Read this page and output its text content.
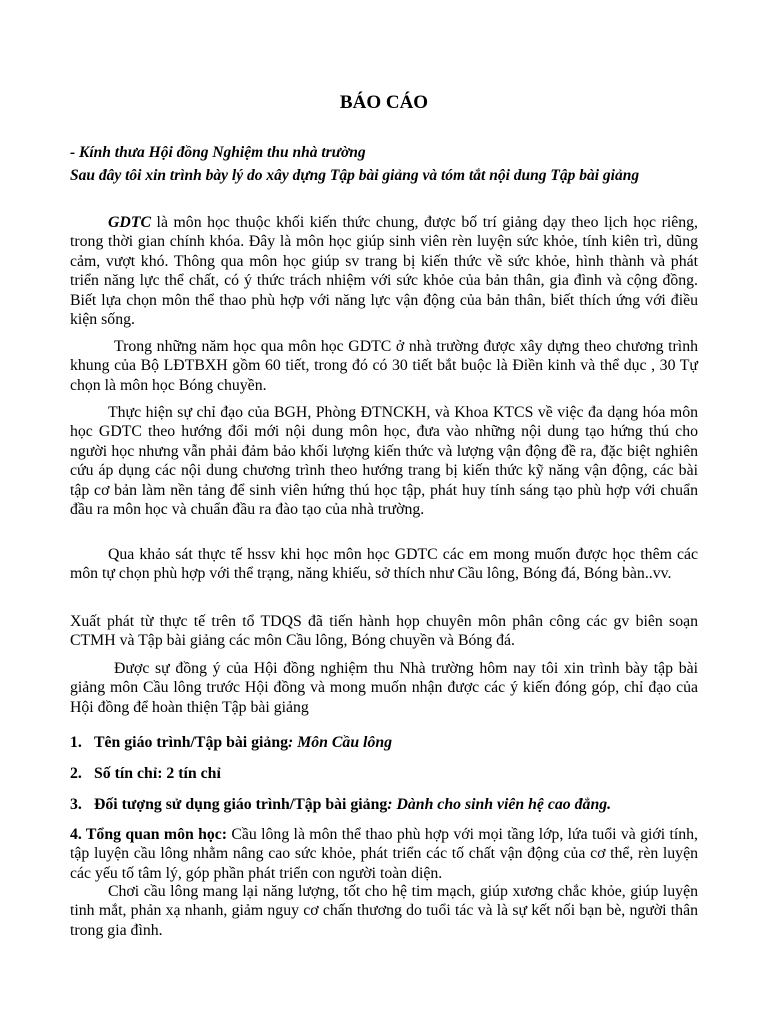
BÁO CÁO
- Kính thưa Hội đồng Nghiệm thu nhà trường
Sau đây tôi xin trình bày lý do xây dựng Tập bài giảng và tóm tắt nội dung Tập bài giảng

GDTC là môn học thuộc khối kiến thức chung, được bố trí giảng dạy theo lịch học riêng, trong thời gian chính khóa. Đây là môn học giúp sinh viên rèn luyện sức khỏe, tính kiên trì, dũng cảm, vượt khó. Thông qua môn học giúp sv trang bị kiến thức về sức khỏe, hình thành và phát triển năng lực thể chất, có ý thức trách nhiệm với sức khỏe của bản thân, gia đình và cộng đồng. Biết lựa chọn môn thể thao phù hợp với năng lực vận động của bản thân, biết thích ứng với điều kiện sống.

Trong những năm học qua môn học GDTC ở nhà trường được xây dựng theo chương trình khung của Bộ LĐTBXH gồm 60 tiết, trong đó có 30 tiết bắt buộc là Điền kinh và thể dục , 30 Tự chọn là môn học Bóng chuyền.

Thực hiện sự chỉ đạo của BGH, Phòng ĐTNCKH, và Khoa KTCS về việc đa dạng hóa môn học GDTC theo hướng đổi mới nội dung môn học, đưa vào những nội dung tạo hứng thú cho người học nhưng vẫn phải đảm bảo khối lượng kiến thức và lượng vận động đề ra, đặc biệt nghiên cứu áp dụng các nội dung chương trình theo hướng trang bị kiến thức kỹ năng vận động, các bài tập cơ bản làm nền tảng để sinh viên hứng thú học tập, phát huy tính sáng tạo phù hợp với chuẩn đầu ra môn học và chuẩn đầu ra đào tạo của nhà trường.

Qua khảo sát thực tế hssv khi học môn học GDTC các em mong muốn được học thêm các môn tự chọn phù hợp với thể trạng, năng khiếu, sở thích như Cầu lông, Bóng đá, Bóng bàn..vv.

Xuất phát từ thực tế trên tổ TDQS đã tiến hành họp chuyên môn phân công các gv biên soạn CTMH và Tập bài giảng các môn Cầu lông, Bóng chuyền và Bóng đá.

Được sự đồng ý của Hội đồng nghiệm thu Nhà trường hôm nay tôi xin trình bày tập bài giảng môn Cầu lông trước Hội đồng và mong muốn nhận được các ý kiến đóng góp, chỉ đạo của Hội đồng để hoàn thiện Tập bài giảng

1. Tên giáo trình/Tập bài giảng: Môn Cầu lông
2. Số tín chỉ: 2 tín chỉ
3. Đối tượng sử dụng giáo trình/Tập bài giảng: Dành cho sinh viên hệ cao đẳng.

4. Tổng quan môn học: Cầu lông là môn thể thao phù hợp với mọi tầng lớp, lứa tuổi và giới tính, tập luyện cầu lông nhằm nâng cao sức khỏe, phát triển các tố chất vận động của cơ thể, rèn luyện các yếu tố tâm lý, góp phần phát triển con người toàn diện.

Chơi cầu lông mang lại năng lượng, tốt cho hệ tim mạch, giúp xương chắc khỏe, giúp luyện tinh mắt, phản xạ nhanh, giảm nguy cơ chấn thương do tuổi tác và là sự kết nối bạn bè, người thân trong gia đình.
